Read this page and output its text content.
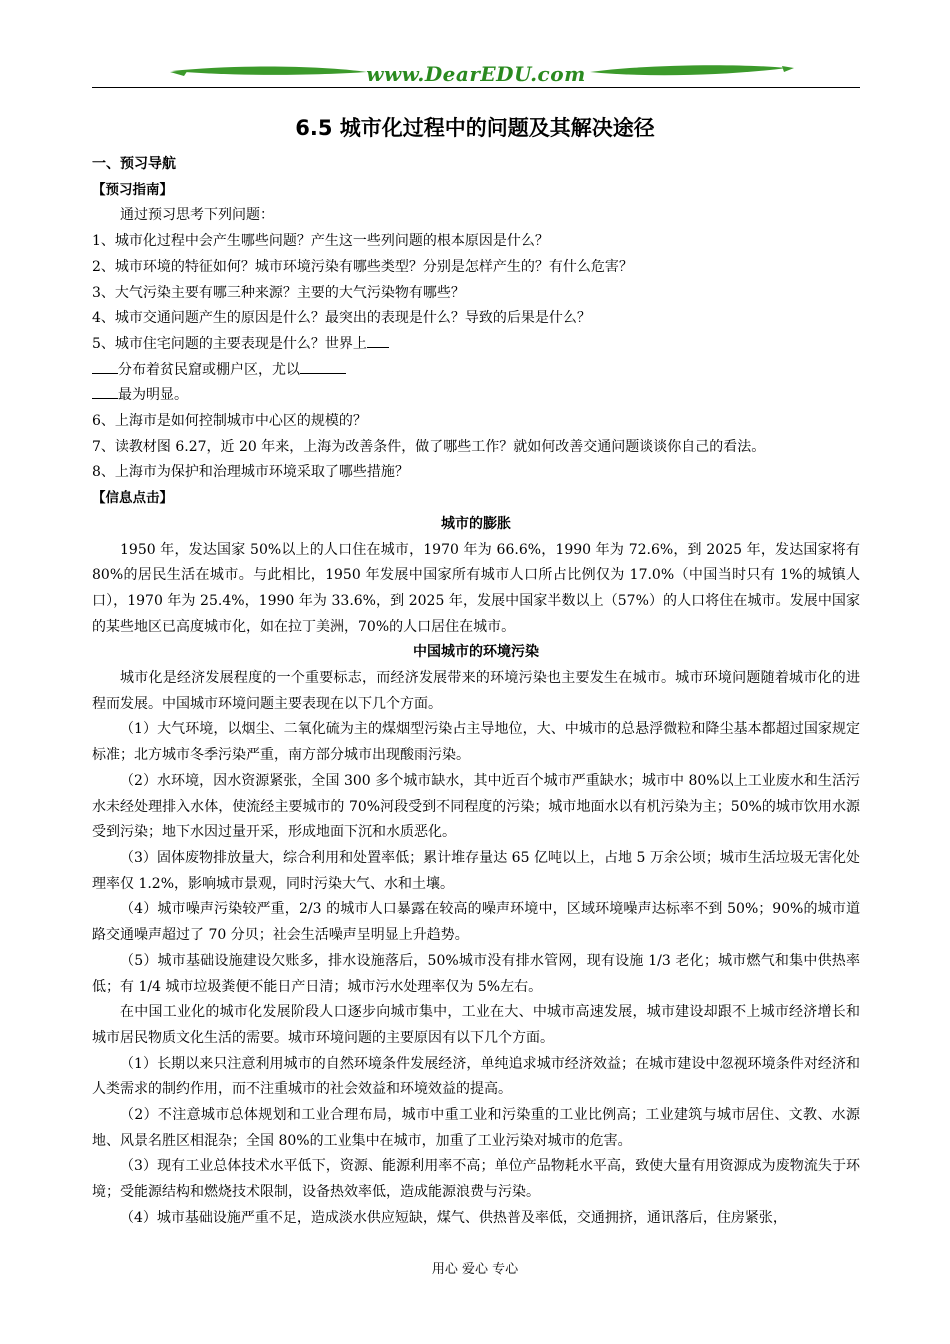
www.DearEDU.com
6.5 城市化过程中的问题及其解决途径

一、预习导航

【预习指南】

通过预习思考下列问题：

1、城市化过程中会产生哪些问题？产生这一些列问题的根本原因是什么？

2、城市环境的特征如何？城市环境污染有哪些类型？分别是怎样产生的？有什么危害？

3、大气污染主要有哪三种来源？主要的大气污染物有哪些？

4、城市交通问题产生的原因是什么？最突出的表现是什么？导致的后果是什么？

5、城市住宅问题的主要表现是什么？世界上

分布着贫民窟或棚户区，尤以

最为明显。

6、上海市是如何控制城市中心区的规模的？

7、读教材图 6.27，近 20 年来，上海为改善条件，做了哪些工作？就如何改善交通问题谈谈你自己的看法。

8、上海市为保护和治理城市环境采取了哪些措施？

【信息点击】

城市的膨胀

1950 年，发达国家 50%以上的人口住在城市，1970 年为 66.6%，1990 年为 72.6%，到 2025 年，发达国家将有 80%的居民生活在城市。与此相比，1950 年发展中国家所有城市人口所占比例仅为 17.0%（中国当时只有 1%的城镇人口），1970 年为 25.4%，1990 年为 33.6%，到 2025 年，发展中国家半数以上（57%）的人口将住在城市。发展中国家的某些地区已高度城市化，如在拉丁美洲，70%的人口居住在城市。

中国城市的环境污染

城市化是经济发展程度的一个重要标志，而经济发展带来的环境污染也主要发生在城市。城市环境问题随着城市化的进程而发展。中国城市环境问题主要表现在以下几个方面。

（1）大气环境，以烟尘、二氧化硫为主的煤烟型污染占主导地位，大、中城市的总悬浮微粒和降尘基本都超过国家规定标准；北方城市冬季污染严重，南方部分城市出现酸雨污染。

（2）水环境，因水资源紧张，全国 300 多个城市缺水，其中近百个城市严重缺水；城市中 80%以上工业废水和生活污水未经处理排入水体，使流经主要城市的 70%河段受到不同程度的污染；城市地面水以有机污染为主；50%的城市饮用水源受到污染；地下水因过量开采，形成地面下沉和水质恶化。

（3）固体废物排放量大，综合利用和处置率低；累计堆存量达 65 亿吨以上，占地 5 万余公顷；城市生活垃圾无害化处理率仅 1.2%，影响城市景观，同时污染大气、水和土壤。

（4）城市噪声污染较严重，2/3 的城市人口暴露在较高的噪声环境中，区域环境噪声达标率不到 50%；90%的城市道路交通噪声超过了 70 分贝；社会生活噪声呈明显上升趋势。

（5）城市基础设施建设欠账多，排水设施落后，50%城市没有排水管网，现有设施 1/3 老化；城市燃气和集中供热率低；有 1/4 城市垃圾粪便不能日产日清；城市污水处理率仅为 5%左右。

在中国工业化的城市化发展阶段人口逐步向城市集中，工业在大、中城市高速发展，城市建设却跟不上城市经济增长和城市居民物质文化生活的需要。城市环境问题的主要原因有以下几个方面。

（1）长期以来只注意利用城市的自然环境条件发展经济，单纯追求城市经济效益；在城市建设中忽视环境条件对经济和人类需求的制约作用，而不注重城市的社会效益和环境效益的提高。

（2）不注意城市总体规划和工业合理布局，城市中重工业和污染重的工业比例高；工业建筑与城市居住、文教、水源地、风景名胜区相混杂；全国 80%的工业集中在城市，加重了工业污染对城市的危害。

（3）现有工业总体技术水平低下，资源、能源利用率不高；单位产品物耗水平高，致使大量有用资源成为废物流失于环境；受能源结构和燃烧技术限制，设备热效率低，造成能源浪费与污染。

（4）城市基础设施严重不足，造成淡水供应短缺，煤气、供热普及率低，交通拥挤，通讯落后，住房紧张，

用心 爱心 专心
